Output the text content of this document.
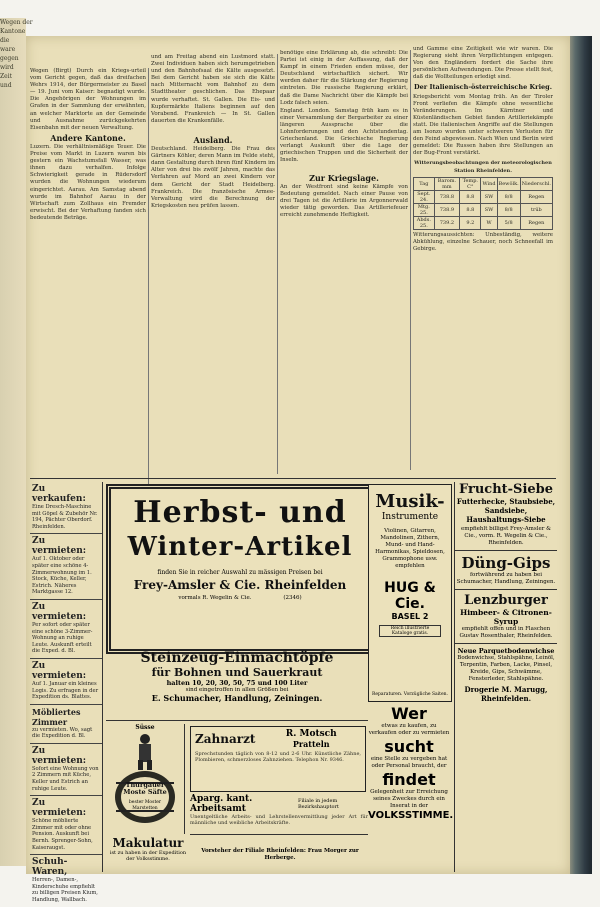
Wegen der
Kantone
die
ware
gegen
wird
Zeit
und

Wegen (Birgt) Durch ein Kriegs-urteil vom Gericht gegen, daß das dreifachen Wehrs 1914, der Bürgermeister zu Basel — 19. Juni vom Kaiser: begnadigt wurde. Die Angehörigen der Wohnungen im Grafen in der Sammlung der erwähnten, an welcher Marktorte an der Gemeinde und Ausnahme zurückgekehrten Eisenbahn mit der neuen Verwaltung.

Andere Kantone.

Luzern. Die verhältnismäßige Teuer. Die Preise vom Markt in Luzern waren bis gestern ein Wachstumsfall Wasser, was ihnen dazu verhalfen. Infolge Schwierigkeit gerade in Rüdersdorf wurden die Wohnungen wiederum eingerichtet. Aarau. Am Samstag abend wurde im Bahnhof Aarau in der Wirtschaft zum Zollhaus ein Fremder erwischt. Bei der Verhaftung fanden sich bedeutende Beträge.

und am Freitag abend ein Lustmord statt. Zwei Individuen haben sich herumgetrieben und den Bahnhofsaal die Kälte ausgesetzt. Bei dem Gericht haben sie sich die Kälte nach Mitternacht vom Bahnhof zu dem Stadttheater geschlichen. Das Ehepaar wurde verhaftet. St. Gallen. Die Eis- und Kupfermärkte Italiens beginnen auf den Vorabend. Frankreich — In St. Gallen dauerten die Krankenfälle.

Ausland.

Deutschland. Heidelberg. Die Frau des Gärtners Köhler, deren Mann im Felde steht, dann Gestaltung durch ihren fünf Kindern im Alter von drei bis zwölf Jahren, machte das Verfahren auf Mord an zwei Kindern vor dem Gericht der Stadt Heidelberg. Frankreich. Die französische Armee-Verwaltung wird die Berechnung der Kriegskosten neu prüfen lassen.

benötige eine Erklärung ab, die schreibt: Die Partei ist einig in der Auffassung, daß der Kampf in einem Frieden enden müsse, der Deutschland wirtschaftlich sichert. Wir werden daher für die Stärkung der Regierung eintreten. Die russische Regierung erklärt, daß die Dame Nachricht über die Kämpfe bei Lodz falsch seien.

England. London. Samstag früh kam es in einer Versammlung der Bergarbeiter zu einer längeren Aussprache über die Lohnforderungen und den Achtstundentag. Griechenland. Die Griechische Regierung verlangt Auskunft über die Lage der griechischen Truppen und die Sicherheit der Inseln.

Zur Kriegslage.

An der Westfront sind keine Kämpfe von Bedeutung gemeldet. Nach einer Pause von drei Tagen ist die Artillerie im Argonnerwald wieder tätig geworden. Das Artilleriefeuer erreicht zunehmende Heftigkeit.

und Gamme eine Zeitigkeit wie wir waren. Die Regierung sieht ihren Verpflichtungen entgegen. Von den Engländern fordert die Sache ihre persönlichen Aufwendungen. Die Presse stellt fest, daß die Wollteilungen erledigt sind.

Der Italienisch-österreichische Krieg.

Kriegsbericht vom Montag früh. An der Tiroler Front verliefen die Kämpfe ohne wesentliche Veränderungen. Im Kärntner und Küstenländischen Gebiet fanden Artilleriekämpfe statt. Die italienischen Angriffe auf die Stellungen am Isonzo wurden unter schweren Verlusten für den Feind abgewiesen. Nach Wien und Berlin wird gemeldet: Die Russen haben ihre Stellungen an der Bug-Front verstärkt.

Witterungsbeobachtungen der meteorologischen Station Rheinfelden.
Tag	Barom. mm	Temp. C°	Wind	Bewölk.	Niederschl.
Sept. 24.	738.8	8.8	SW	8/8	Regen
Mtg. 25.	738.9	8.8	SW	8/8	trüb
Abds. 25.	739.2	9.2	W	5/8	Regen

Witterungsaussichten: Unbeständig, weitere Abkühlung, einzelne Schauer, noch Schneefall im Gebirge.

Zu verkaufen:
Eine Dresch-Maschine mit Göpel & Zubehör Nr. 194, Pächter Oberdorf. Rheinfelden.
Zu vermieten:
Auf 1. Oktober oder später eine schöne 4-Zimmerwohnung im 1. Stock, Küche, Keller, Estrich. Näheres Marktgasse 12.
Zu vermieten:
Per sofort oder später eine schöne 3-Zimmer-Wohnung an ruhige Leute. Auskunft erteilt die Exped. d. Bl.
Zu vermieten:
Auf 1. Januar ein kleines Logis. Zu erfragen in der Expedition ds. Blattes.
Möbliertes Zimmer
zu vermieten. Wo, sagt die Expedition d. Bl.
Zu vermieten:
Sofort eine Wohnung von 2 Zimmern mit Küche, Keller und Estrich an ruhige Leute.
Zu vermieten:
Schöne möblierte Zimmer mit oder ohne Pension. Auskunft bei Bernh. Sprenger-Sohn, Kaiseraugst.
Schuh-Waren,
Herren-, Damen-, Kinderschuhe empfiehlt zu billigen Preisen Kium, Handlung, Wallbach.
Herbst- und
Winter-Artikel
finden Sie in reicher Auswahl zu mässigen Preisen bei
Frey-Amsler & Cie. Rheinfelden
vormals R. Wegelin & Cie.	(2346)
Steinzeug-Einmachtöpfe
für Bohnen und Sauerkraut
halten 10, 20, 30, 50, 75 und 100 Liter
sind eingetroffen in allen Größen bei
E. Schumacher, Handlung, Zeiningen.
Süsse
Thurgauer Moste Säfte
bester Moster Marstetten
Zahnarzt	R. Motsch
Pratteln
Sprechstunden täglich von 8-12 und 2-6 Uhr. Künstliche Zähne, Plombieren, schmerzloses Zahnziehen. Telephon Nr. 9346.
Aparg. kant. Arbeitsamt
Filiale in jedem Bezirkshauptort
Unentgeltliche Arbeits- und Lehrstellenvermittlung jeder Art für männliche und weibliche Arbeitskräfte.
Makulatur
ist zu haben in der Expedition der Volksstimme.
Vorsteher der Filiale Rheinfelden: Frau Morger zur Herberge.
Musik-
Instrumente
Violinen, Gitarren, Mandolinen, Zithern, Mund- und Hand-Harmonikas, Spieldosen, Grammophone usw. empfehlen
HUG & Cie.
BASEL 2
Reich illustrierte Kataloge gratis.
Reparaturen. Vorzügliche Saiten.
Wer
etwas zu kaufen, zu verkaufen oder zu vermieten
sucht
eine Stelle zu vergeben hat oder Personal braucht, der
findet
Gelegenheit zur Erreichung seines Zweckes durch ein Inserat in der
VOLKSSTIMME.
Frucht-Siebe
Futterhecke, Staubsiebe, Sandsiebe, Haushaltungs-Siebe
empfiehlt billigst Frey-Amsler & Cie., vorm. R. Wegelin & Cie., Rheinfelden.
Düng-Gips
fortwährend zu haben bei Schumacher, Handlung, Zeiningen.
Lenzburger
Himbeer- & Citronen-Syrup
empfiehlt offen und in Flaschen Gustav Rosenthaler, Rheinfelden.
Neue Parquetbodenwichse
Bodenwichse, Stahlspähne, Leinöl, Terpentin, Farben, Lacke, Pinsel, Kreide, Gips, Schwämme, Fensterleder, Stahlspähne.
Drogerie M. Marugg, Rheinfelden.
